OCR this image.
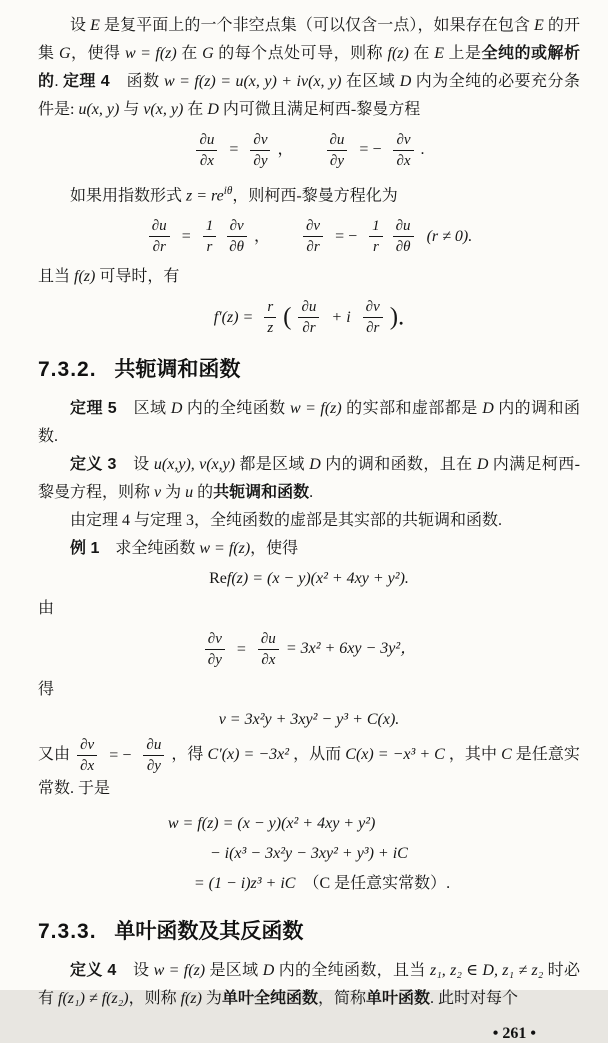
设 E 是复平面上的一个非空点集（可以仅含一点），如果存在包含 E 的开集 G，使得 w = f(z) 在 G 的每个点处可导，则称 f(z) 在 E 上是全纯的或解析的. 定理 4　函数 w = f(z) = u(x, y) + iv(x, y) 在区域 D 内为全纯的必要充分条件是: u(x, y) 与 v(x, y) 在 D 内可微且满足柯西-黎曼方程

$\frac{\partial u}{\partial x} = \frac{\partial v}{\partial y}$ ， $\frac{\partial u}{\partial y}$ = − $\frac{\partial v}{\partial x}$ .

如果用指数形式 $z = re^{i\theta}$，则柯西-黎曼方程化为

$\frac{\partial u}{\partial r} = \frac{1}{r}$
$\frac{\partial v}{\partial\theta}$ ， $\frac{\partial v}{\partial r}$ = − $\frac{1}{r}$
$\frac{\partial u}{\partial\theta} (r \ne 0)$.

且当 f(z) 可导时，有

$f'(z) = \frac{r}{z}$ ( $\frac{\partial u}{\partial r} + i \frac{\partial v}{\partial r}$ ).
7.3.2. 共轭调和函数

定理 5　区域 D 内的全纯函数 w = f(z) 的实部和虚部都是 D 内的调和函数.

定义 3　设 u(x,y), v(x,y) 都是区域 D 内的调和函数，且在 D 内满足柯西-黎曼方程，则称 v 为 u 的共轭调和函数.

由定理 4 与定理 3，全纯函数的虚部是其实部的共轭调和函数.

例 1　求全纯函数 w = f(z)，使得

Ref(z) = (x − y)(x² + 4xy + y²).

由

$\frac{\partial v}{\partial y} = \frac{\partial u}{\partial x} = 3x^2 + 6xy - 3y^2$，

得

v = 3x²y + 3xy² − y³ + C(x).

又由 $\frac{\partial v}{\partial x}$ = − $\frac{\partial u}{\partial y}$ ，得 C′(x) = −3x² ，从而 C(x) = −x³ + C ，其中 C 是任意实常数. 于是

w = f(z) = (x − y)(x² + 4xy + y²)
− i(x³ − 3x²y − 3xy² + y³) + iC
= (1 − i)z³ + iC　（C 是任意实常数）.
7.3.3. 单叶函数及其反函数

定义 4　设 w = f(z) 是区域 D 内的全纯函数，且当 z₁, z₂ ∈ D, z₁ ≠ z₂ 时必有 f(z₁) ≠ f(z₂)，则称 f(z) 为单叶全纯函数，简称单叶函数. 此时对每个

• 261 •
